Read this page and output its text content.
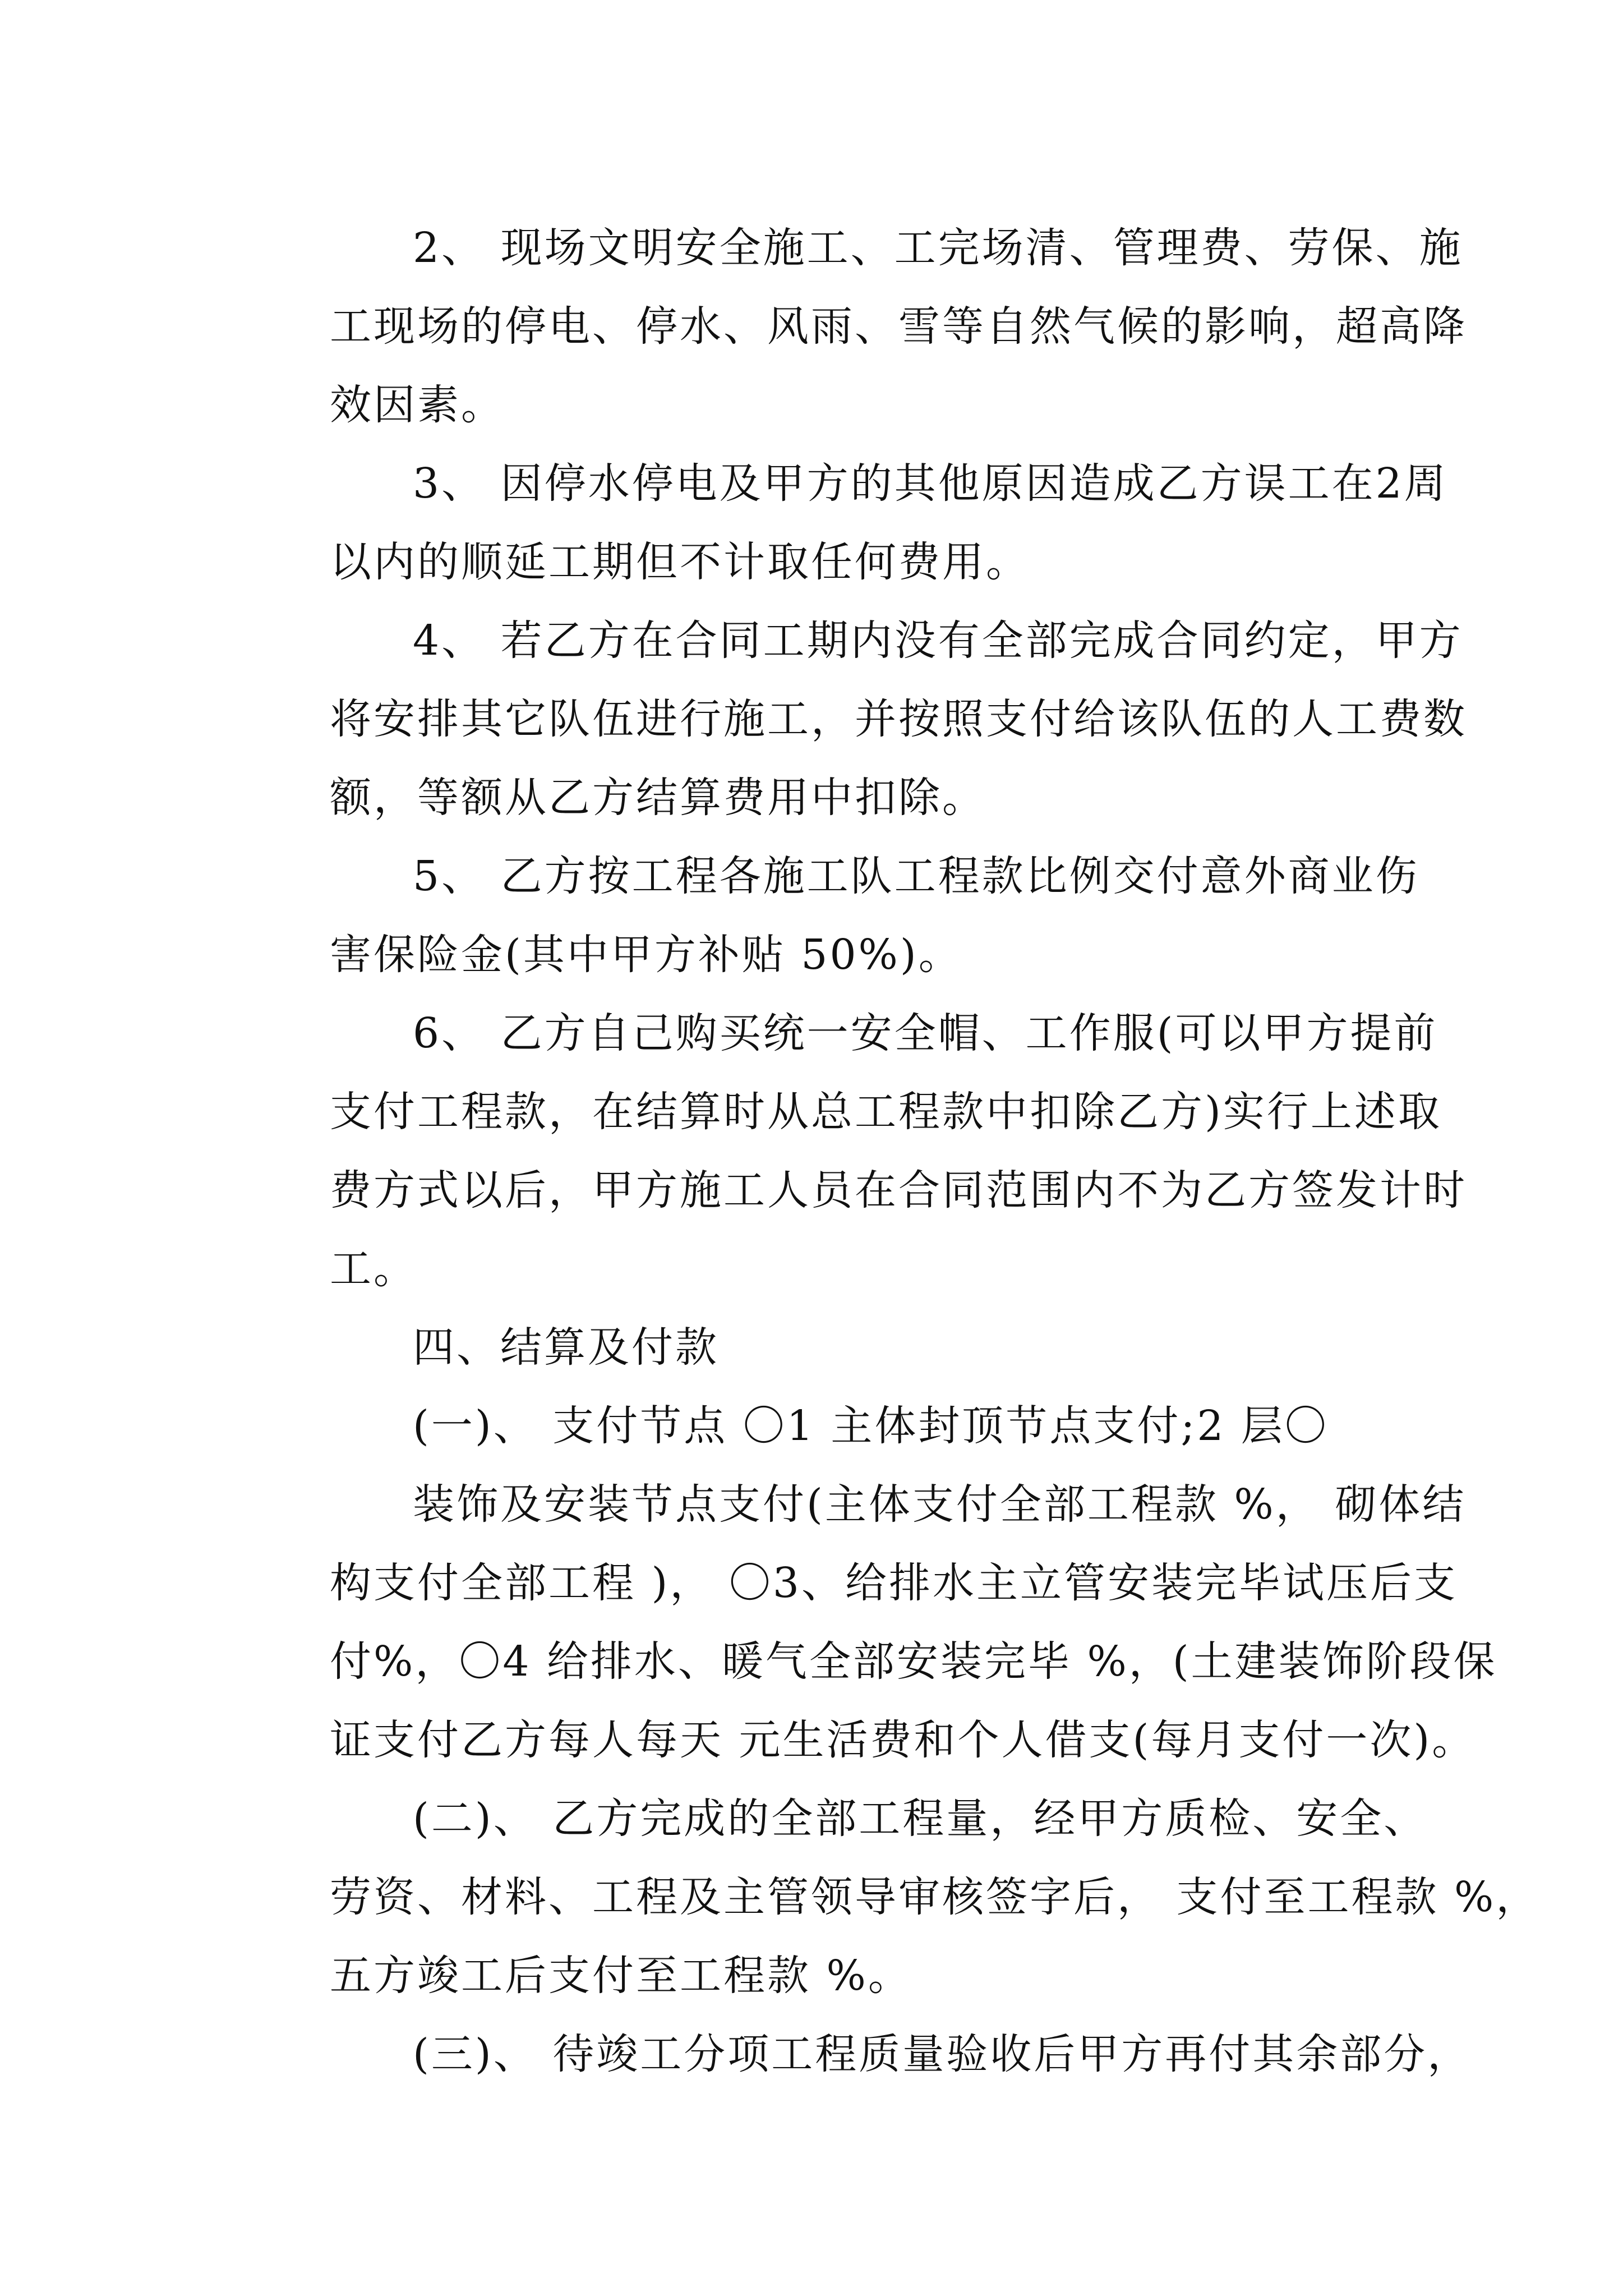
2、 现场文明安全施工、工完场清、管理费、劳保、施
工现场的停电、停水、风雨、雪等自然气候的影响，超高降
效因素。
3、 因停水停电及甲方的其他原因造成乙方误工在2周
以内的顺延工期但不计取任何费用。
4、 若乙方在合同工期内没有全部完成合同约定，甲方
将安排其它队伍进行施工，并按照支付给该队伍的人工费数
额，等额从乙方结算费用中扣除。
5、 乙方按工程各施工队工程款比例交付意外商业伤
害保险金(其中甲方补贴 50%)。
6、 乙方自己购买统一安全帽、工作服(可以甲方提前
支付工程款，在结算时从总工程款中扣除乙方)实行上述取
费方式以后，甲方施工人员在合同范围内不为乙方签发计时
工。
四、结算及付款
(一)、 支付节点 〇1 主体封顶节点支付;2 层〇
装饰及安装节点支付(主体支付全部工程款 %， 砌体结
构支付全部工程 )， 〇3、给排水主立管安装完毕试压后支
付%，〇4 给排水、暖气全部安装完毕 %，(土建装饰阶段保
证支付乙方每人每天 元生活费和个人借支(每月支付一次)。
(二)、 乙方完成的全部工程量，经甲方质检、安全、
劳资、材料、工程及主管领导审核签字后， 支付至工程款 %，
五方竣工后支付至工程款 %。
(三)、 待竣工分项工程质量验收后甲方再付其余部分，
